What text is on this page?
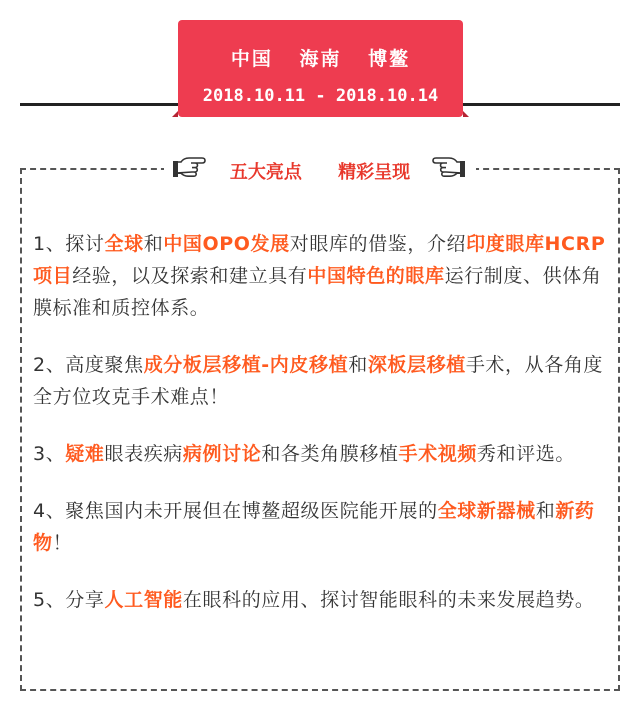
中国 海南 博鳌
2018.10.11 - 2018.10.14
五大亮点 精彩呈现

1、探讨全球和中国OPO发展对眼库的借鉴，介绍印度眼库HCRP项目经验，以及探索和建立具有中国特色的眼库运行制度、供体角膜标准和质控体系。

2、高度聚焦成分板层移植-内皮移植和深板层移植手术，从各角度全方位攻克手术难点！

3、疑难眼表疾病病例讨论和各类角膜移植手术视频秀和评选。

4、聚焦国内未开展但在博鳌超级医院能开展的全球新器械和新药物！

5、分享人工智能在眼科的应用、探讨智能眼科的未来发展趋势。
